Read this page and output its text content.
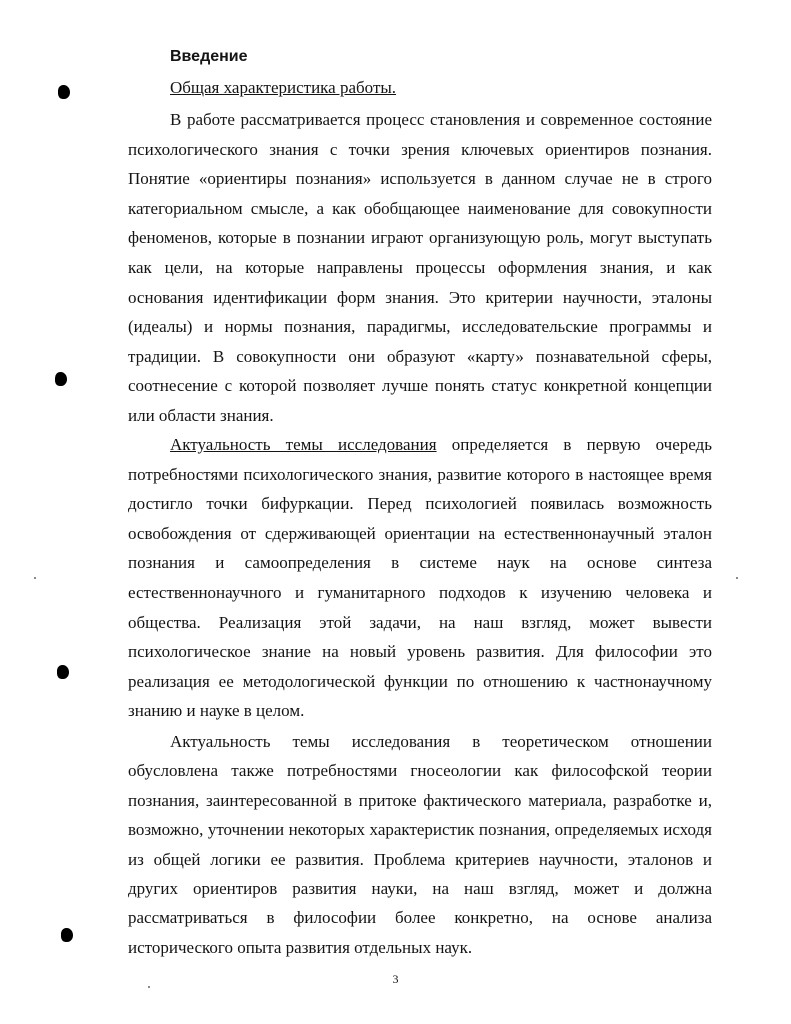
Введение

Общая характеристика работы.

В работе рассматривается процесс становления и современное состояние психологического знания с точки зрения ключевых ориентиров познания. Понятие «ориентиры познания» используется в данном случае не в строго категориальном смысле, а как обобщающее наименование для совокупности феноменов, которые в познании играют организующую роль, могут выступать как цели, на которые направлены процессы оформления знания, и как основания идентификации форм знания. Это критерии научности, эталоны (идеалы) и нормы познания, парадигмы, исследовательские программы и традиции. В совокупности они образуют «карту» познавательной сферы, соотнесение с которой позволяет лучше понять статус конкретной концепции или области знания.

Актуальность темы исследования определяется в первую очередь потребностями психологического знания, развитие которого в настоящее время достигло точки бифуркации. Перед психологией появилась возможность освобождения от сдерживающей ориентации на естественнонаучный эталон познания и самоопределения в системе наук на основе синтеза естественнонаучного и гуманитарного подходов к изучению человека и общества. Реализация этой задачи, на наш взгляд, может вывести психологическое знание на новый уровень развития. Для философии это реализация ее методологической функции по отношению к частнонаучному знанию и науке в целом.

Актуальность темы исследования в теоретическом отношении обусловлена также потребностями гносеологии как философской теории познания, заинтересованной в притоке фактического материала, разработке и, возможно, уточнении некоторых характеристик познания, определяемых исходя из общей логики ее развития. Проблема критериев научности, эталонов и других ориентиров развития науки, на наш взгляд, может и должна рассматриваться в философии более конкретно, на основе анализа исторического опыта развития отдельных наук.

3
